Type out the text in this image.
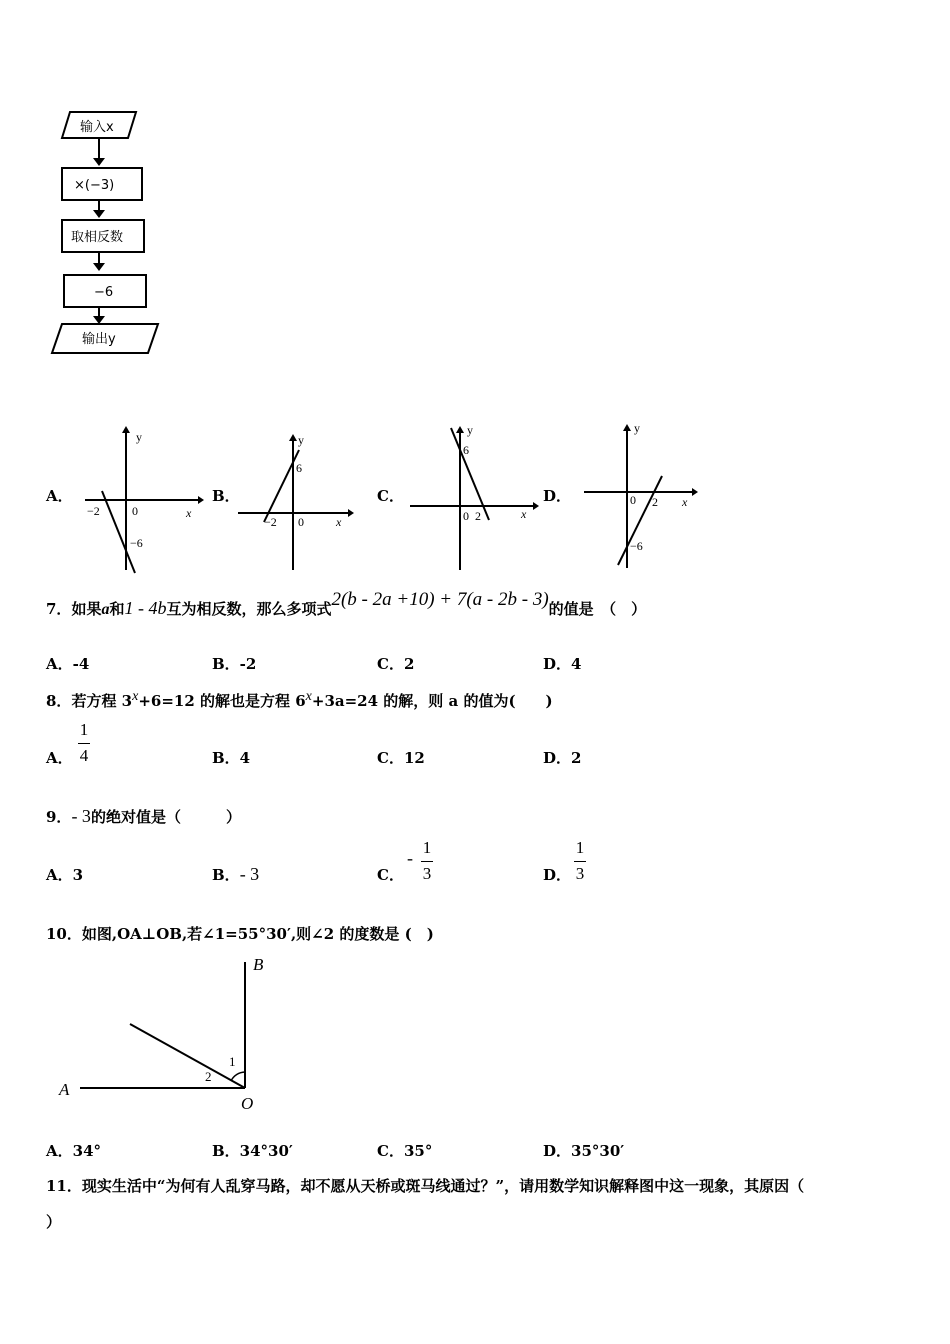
输入x
×(−3)
取相反数
−6
输出y
A．
y
x
0
−2
−6
B．
y
x
0
−2
6
C．
y
x
0 2
6
D．
y
x
0 2
−6
7．如果a和1 - 4b互为相反数，那么多项式2(b - 2a +10) + 7(a - 2b - 3)的值是　（　）
A．-4	B．-2	C．2	D．4
8．若方程 $3^x+6=12$ 的解也是方程 $6^x+3a=24$ 的解，则 a 的值为(　　)
A．
1
4	B．4	C．12	D．2
9．- 3的绝对值是（　　　）
A．3	B．- 3	C．
-
1
3	D．
1
3
10．如图,OA⊥OB,若∠1=55°30′,则∠2 的度数是 (　)
B
A
O
1
2
A．34°	B．34°30′	C．35°	D．35°30′
11．现实生活中“为何有人乱穿马路，却不愿从天桥或斑马线通过？”，请用数学知识解释图中这一现象，其原因（
）
